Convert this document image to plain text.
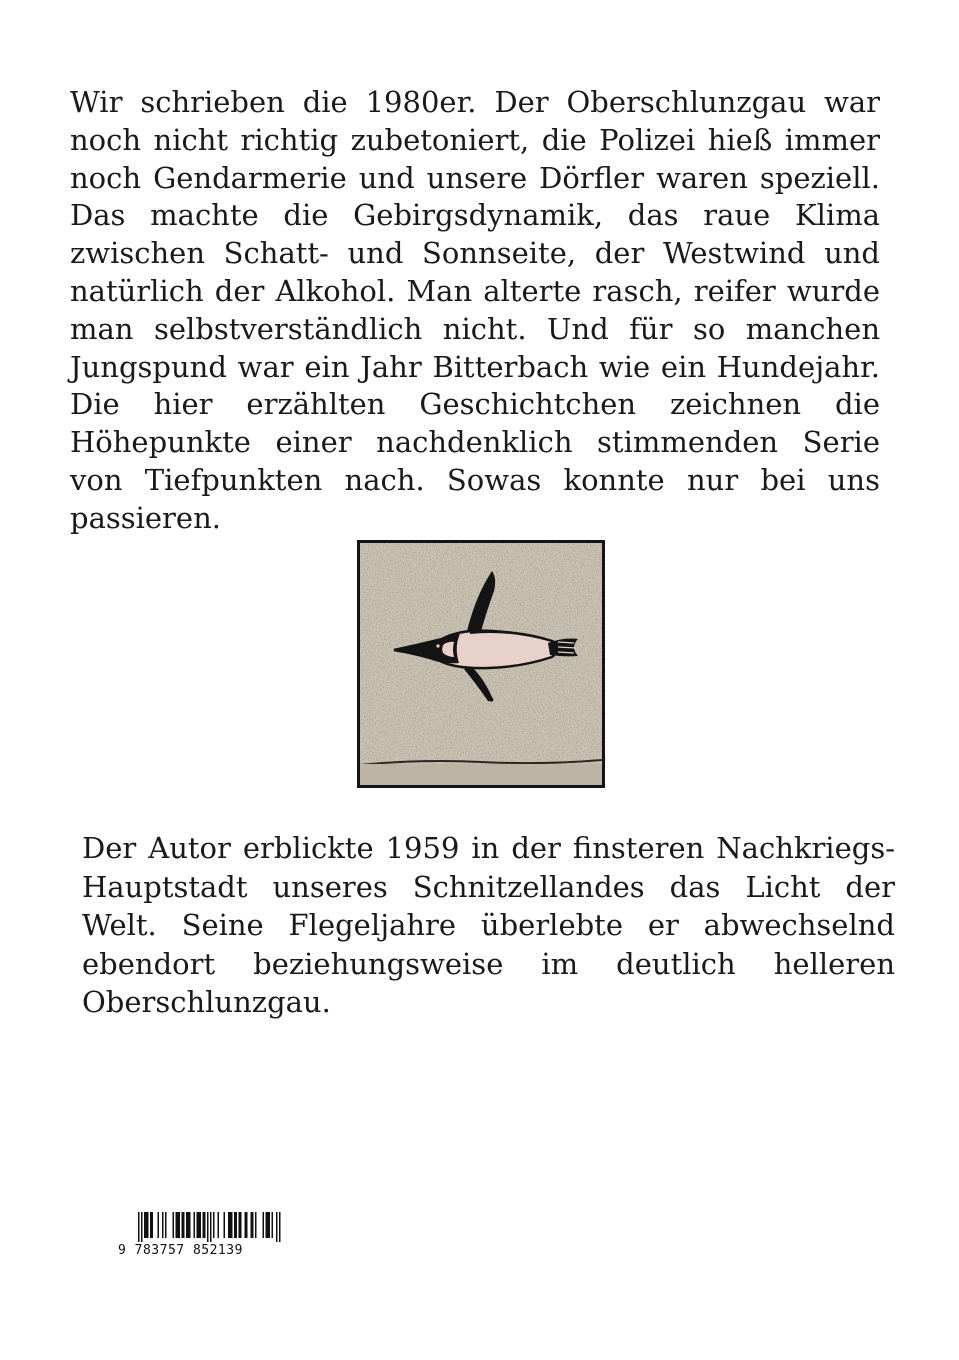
Wir schrieben die 1980er. Der Oberschlunzgau war noch nicht richtig zubetoniert, die Polizei hieß immer noch Gendarmerie und unsere Dörfler waren speziell. Das machte die Gebirgsdynamik, das raue Klima zwischen Schatt- und Sonnseite, der Westwind und natürlich der Alkohol. Man alterte rasch, reifer wurde man selbstverständlich nicht. Und für so manchen Jungspund war ein Jahr Bitterbach wie ein Hundejahr. Die hier erzählten Geschichtchen zeichnen die Höhepunkte einer nachdenklich stimmenden Serie von Tiefpunkten nach. Sowas konnte nur bei uns passieren.

Der Autor erblickte 1959 in der finsteren Nachkriegs-Hauptstadt unseres Schnitzellandes das Licht der Welt. Seine Flegeljahre überlebte er abwechselnd ebendort beziehungsweise im deutlich helleren Oberschlunzgau.

9 783757 852139
